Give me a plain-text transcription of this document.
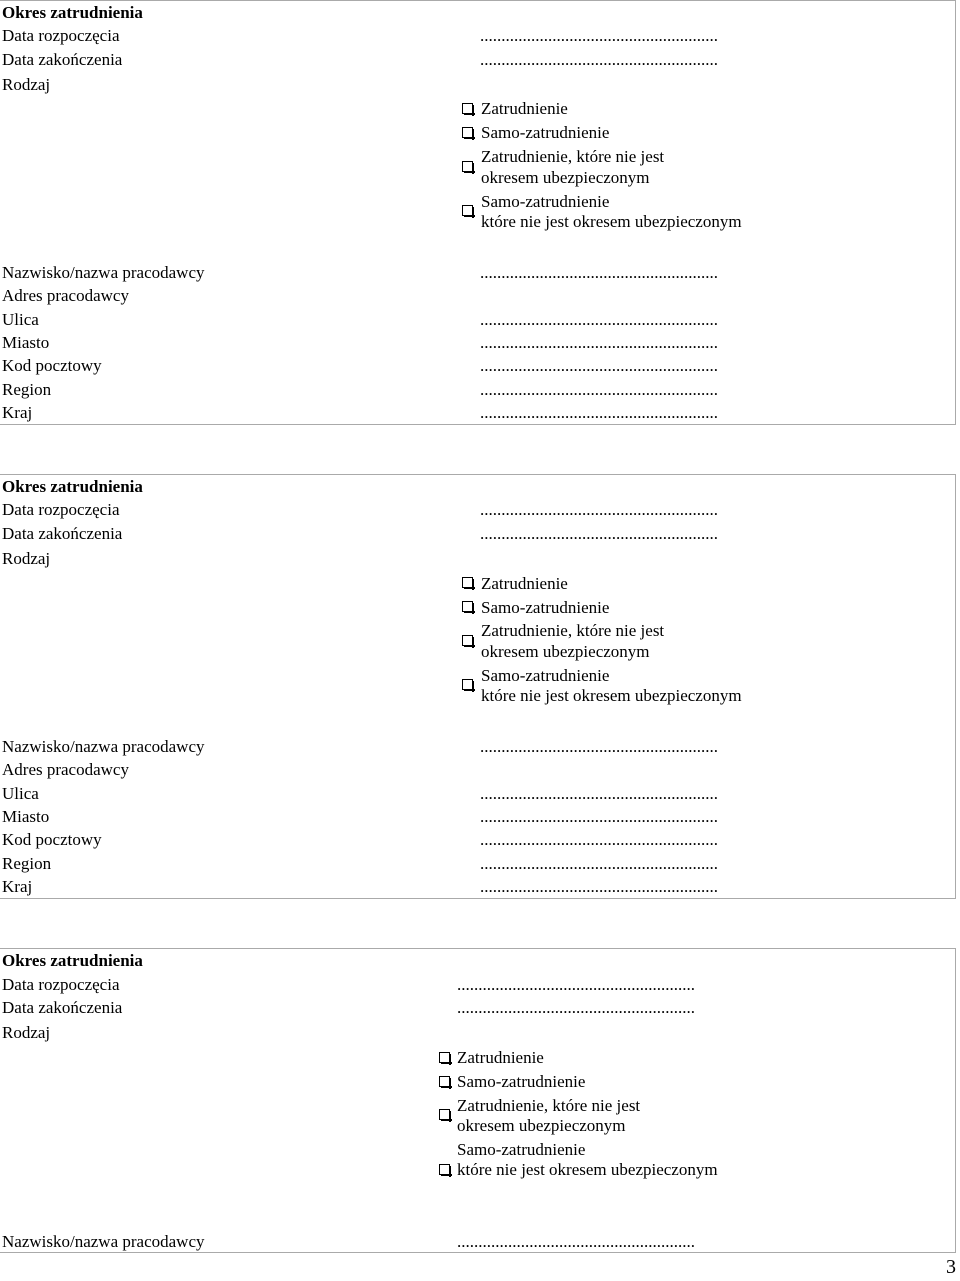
Okres zatrudnienia
Data rozpoczęcia	........................................................
Data zakończenia	........................................................
Rodzaj
Zatrudnienie
Samo-zatrudnienie
Zatrudnienie, które nie jest
okresem ubezpieczonym
Samo-zatrudnienie
które nie jest okresem ubezpieczonym
Nazwisko/nazwa pracodawcy	........................................................
Adres pracodawcy
Ulica	........................................................
Miasto	........................................................
Kod pocztowy	........................................................
Region	........................................................
Kraj	........................................................
Okres zatrudnienia
Data rozpoczęcia	........................................................
Data zakończenia	........................................................
Rodzaj
Zatrudnienie
Samo-zatrudnienie
Zatrudnienie, które nie jest
okresem ubezpieczonym
Samo-zatrudnienie
które nie jest okresem ubezpieczonym
Nazwisko/nazwa pracodawcy	........................................................
Adres pracodawcy
Ulica	........................................................
Miasto	........................................................
Kod pocztowy	........................................................
Region	........................................................
Kraj	........................................................
Okres zatrudnienia
Data rozpoczęcia	........................................................
Data zakończenia	........................................................
Rodzaj
Zatrudnienie
Samo-zatrudnienie
Zatrudnienie, które nie jest
okresem ubezpieczonym
Samo-zatrudnienie
które nie jest okresem ubezpieczonym
Nazwisko/nazwa pracodawcy	........................................................
3
